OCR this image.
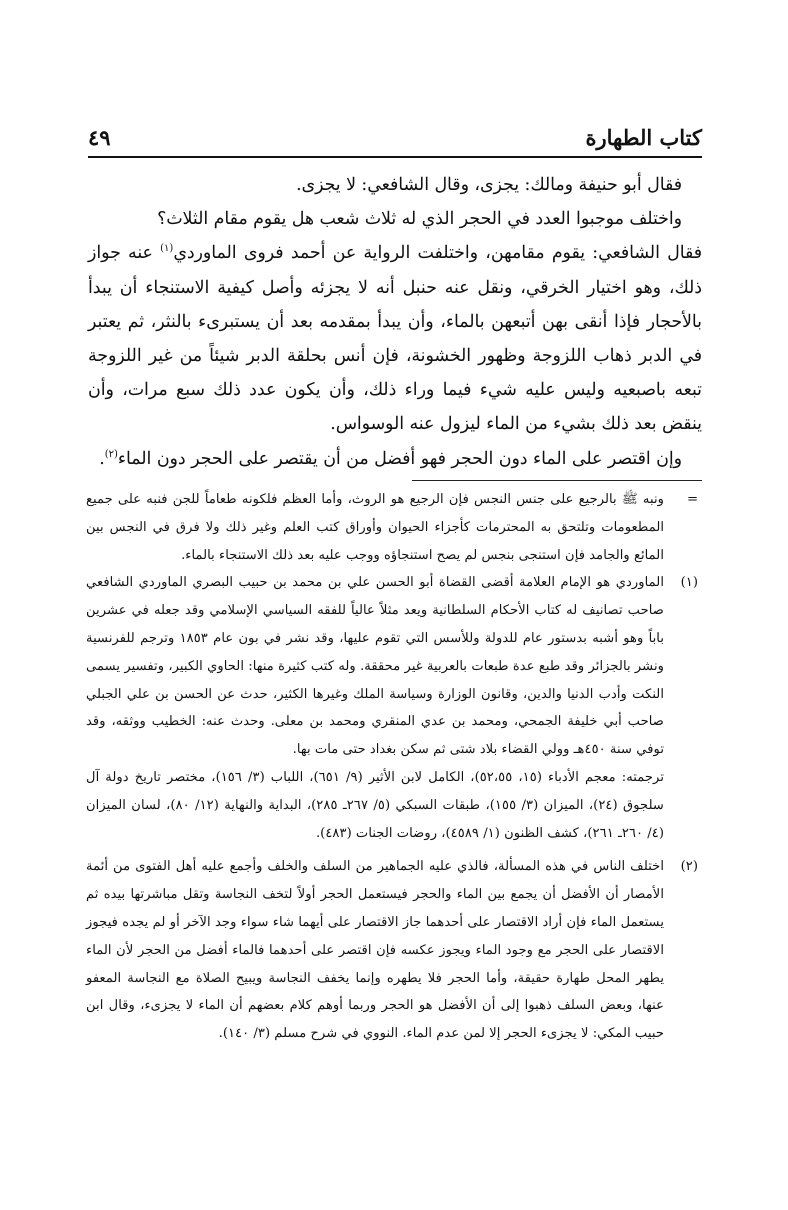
كتاب الطهارة
٤٩

فقال أبو حنيفة ومالك: يجزى، وقال الشافعي: لا يجزى.

واختلف موجبوا العدد في الحجر الذي له ثلاث شعب هل يقوم مقام الثلاث؟

فقال الشافعي: يقوم مقامهن، واختلفت الرواية عن أحمد فروى الماوردي$^{(١)}$ عنه جواز ذلك، وهو اختيار الخرقي، ونقل عنه حنبل أنه لا يجزئه وأصل كيفية الاستنجاء أن يبدأ بالأحجار فإذا أنقى بهن أتبعهن بالماء، وأن يبدأ بمقدمه بعد أن يستبرىء بالنثر، ثم يعتبر في الدبر ذهاب اللزوجة وظهور الخشونة، فإن أنس بحلقة الدبر شيئاً من غير اللزوجة تبعه باصبعيه وليس عليه شيء فيما وراء ذلك، وأن يكون عدد ذلك سبع مرات، وأن ينقض بعد ذلك بشيء من الماء ليزول عنه الوسواس.

وإن اقتصر على الماء دون الحجر فهو أفضل من أن يقتصر على الحجر دون الماء$^{(٢)}$.

=

ونبه ﷺ بالرجيع على جنس النجس فإن الرجيع هو الروث، وأما العظم فلكونه طعاماً للجن فنبه على جميع المطعومات وتلتحق به المحترمات كأجزاء الحيوان وأوراق كتب العلم وغير ذلك ولا فرق في النجس بين المائع والجامد فإن استنجى بنجس لم يصح استنجاؤه ووجب عليه بعد ذلك الاستنجاء بالماء.

(١)

الماوردي هو الإمام العلامة أقضى القضاة أبو الحسن علي بن محمد بن حبيب البصري الماوردي الشافعي صاحب تصانيف له كتاب الأحكام السلطانية ويعد مثلاً عالياً للفقه السياسي الإسلامي وقد جعله في عشرين باباً وهو أشبه بدستور عام للدولة وللأسس التي تقوم عليها، وقد نشر في بون عام ١٨٥٣ وترجم للفرنسية ونشر بالجزائر وقد طبع عدة طبعات بالعربية غير محققة. وله كتب كثيرة منها: الحاوي الكبير، وتفسير يسمى النكت وأدب الدنيا والدين، وقانون الوزارة وسياسة الملك وغيرها الكثير، حدث عن الحسن بن علي الجبلي صاحب أبي خليفة الجمحي، ومحمد بن عدي المنقري ومحمد بن معلى. وحدث عنه: الخطيب ووثقه، وقد توفي سنة ٤٥٠هـ وولي القضاء بلاد شتى ثم سكن بغداد حتى مات بها.

ترجمته: معجم الأدباء (١٥، ٥٢،٥٥)، الكامل لابن الأثير (٩/ ٦٥١)، اللباب (٣/ ١٥٦)، مختصر تاريخ دولة آل سلجوق (٢٤)، الميزان (٣/ ١٥٥)، طبقات السبكي (٥/ ٢٦٧ـ ٢٨٥)، البداية والنهاية (١٢/ ٨٠)، لسان الميزان (٤/ ٢٦٠ـ ٢٦١)، كشف الظنون (١/ ٤٥٨٩)، روضات الجنات (٤٨٣).

(٢)

اختلف الناس في هذه المسألة، فالذي عليه الجماهير من السلف والخلف وأجمع عليه أهل الفتوى من أئمة الأمصار أن الأفضل أن يجمع بين الماء والحجر فيستعمل الحجر أولاً لتخف النجاسة وتقل مباشرتها بيده ثم يستعمل الماء فإن أراد الاقتصار على أحدهما جاز الاقتصار على أيهما شاء سواء وجد الآخر أو لم يجده فيجوز الاقتصار على الحجر مع وجود الماء ويجوز عكسه فإن اقتصر على أحدهما فالماء أفضل من الحجر لأن الماء يطهر المحل طهارة حقيقة، وأما الحجر فلا يطهره وإنما يخفف النجاسة ويبيح الصلاة مع النجاسة المعفو عنها، وبعض السلف ذهبوا إلى أن الأفضل هو الحجر وربما أوهم كلام بعضهم أن الماء لا يجزىء، وقال ابن حبيب المكي: لا يجزىء الحجر إلا لمن عدم الماء. النووي في شرح مسلم (٣/ ١٤٠).
